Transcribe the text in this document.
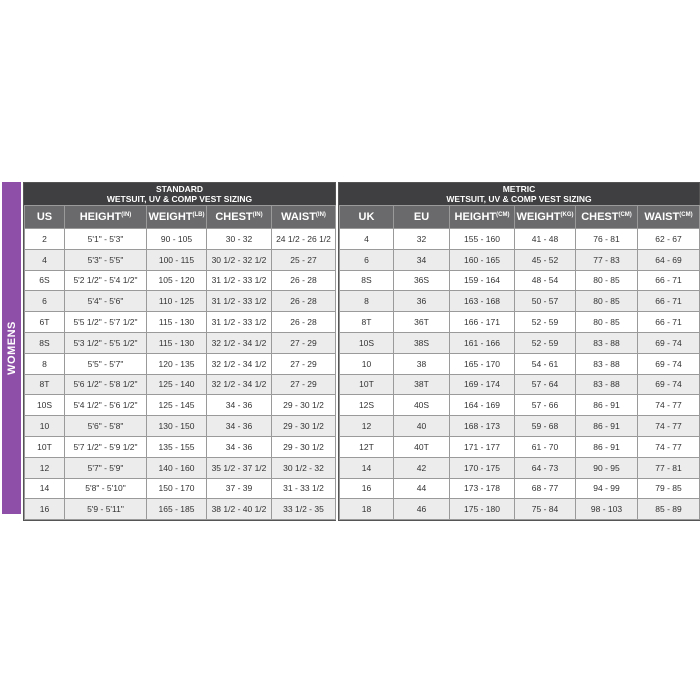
WOMENS
STANDARD
WETSUIT, UV & COMP VEST SIZING
US	$HEIGHT^{(IN)}$	$WEIGHT^{(LB)}$	$CHEST^{(IN)}$	$WAIST^{(IN)}$
2	5'1" - 5'3"	90 - 105	30 - 32	24 1/2 - 26 1/2
4	5'3" - 5'5"	100 - 115	30 1/2 - 32 1/2	25 - 27
6S	5'2 1/2" - 5'4 1/2"	105 - 120	31 1/2 - 33 1/2	26 - 28
6	5'4" - 5'6"	110 - 125	31 1/2 - 33 1/2	26 - 28
6T	5'5 1/2" - 5'7 1/2"	115 - 130	31 1/2 - 33 1/2	26 - 28
8S	5'3 1/2" - 5'5 1/2"	115 - 130	32 1/2 - 34 1/2	27 - 29
8	5'5" - 5'7"	120 - 135	32 1/2 - 34 1/2	27 - 29
8T	5'6 1/2" - 5'8 1/2"	125 - 140	32 1/2 - 34 1/2	27 - 29
10S	5'4 1/2" - 5'6 1/2"	125 - 145	34 - 36	29 - 30 1/2
10	5'6" - 5'8"	130 - 150	34 - 36	29 - 30 1/2
10T	5'7 1/2" - 5'9 1/2"	135 - 155	34 - 36	29 - 30 1/2
12	5'7" - 5'9"	140 - 160	35 1/2 - 37 1/2	30 1/2 - 32
14	5'8" - 5'10"	150 - 170	37 - 39	31 - 33 1/2
16	5'9 - 5'11"	165 - 185	38 1/2 - 40 1/2	33 1/2 - 35
METRIC
WETSUIT, UV & COMP VEST SIZING
UK	EU	$HEIGHT^{(CM)}$	$WEIGHT^{(KG)}$	$CHEST^{(CM)}$	$WAIST^{(CM)}$
4	32	155 - 160	41 - 48	76 - 81	62 - 67
6	34	160 - 165	45 - 52	77 - 83	64 - 69
8S	36S	159 - 164	48 - 54	80 - 85	66 - 71
8	36	163 - 168	50 - 57	80 - 85	66 - 71
8T	36T	166 - 171	52 - 59	80 - 85	66 - 71
10S	38S	161 - 166	52 - 59	83 - 88	69 - 74
10	38	165 - 170	54 - 61	83 - 88	69 - 74
10T	38T	169 - 174	57 - 64	83 - 88	69 - 74
12S	40S	164 - 169	57 - 66	86 - 91	74 - 77
12	40	168 - 173	59 - 68	86 - 91	74 - 77
12T	40T	171 - 177	61 - 70	86 - 91	74 - 77
14	42	170 - 175	64 - 73	90 - 95	77 - 81
16	44	173 - 178	68 - 77	94 - 99	79 - 85
18	46	175 - 180	75 - 84	98 - 103	85 - 89
